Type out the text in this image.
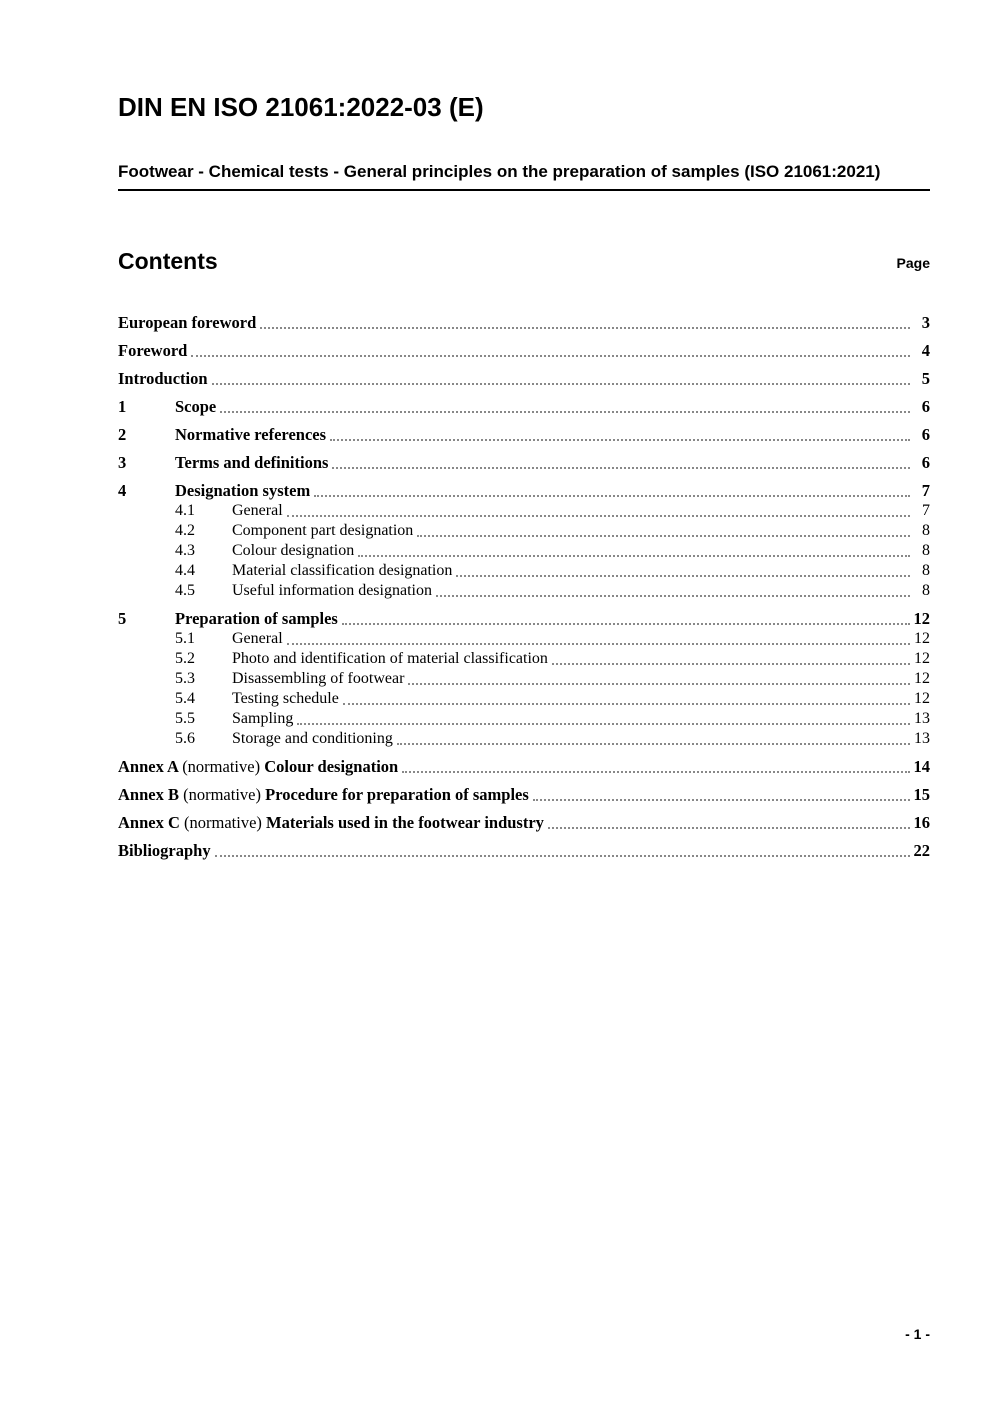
DIN EN ISO 21061:2022-03 (E)
Footwear - Chemical tests - General principles on the preparation of samples (ISO 21061:2021)
Contents	Page
European foreword	3
Foreword	4
Introduction	5
1	Scope	6
2	Normative references	6
3	Terms and definitions	6
4	Designation system	7
4.1	General	7
4.2	Component part designation	8
4.3	Colour designation	8
4.4	Material classification designation	8
4.5	Useful information designation	8
5	Preparation of samples	12
5.1	General	12
5.2	Photo and identification of material classification	12
5.3	Disassembling of footwear	12
5.4	Testing schedule	12
5.5	Sampling	13
5.6	Storage and conditioning	13
Annex A (normative) Colour designation	14
Annex B (normative) Procedure for preparation of samples	15
Annex C (normative) Materials used in the footwear industry	16
Bibliography	22
- 1 -
